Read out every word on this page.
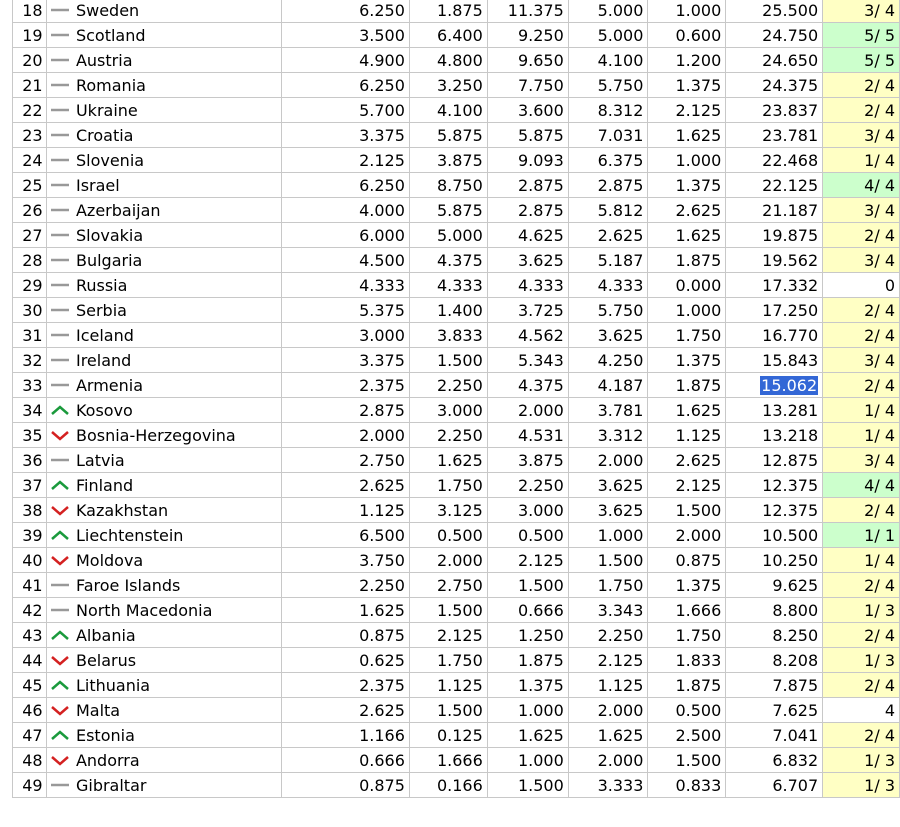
18		Sweden	6.250	1.875	11.375	5.000	1.000	25.500	3/ 4
19		Scotland	3.500	6.400	9.250	5.000	0.600	24.750	5/ 5
20		Austria	4.900	4.800	9.650	4.100	1.200	24.650	5/ 5
21		Romania	6.250	3.250	7.750	5.750	1.375	24.375	2/ 4
22		Ukraine	5.700	4.100	3.600	8.312	2.125	23.837	2/ 4
23		Croatia	3.375	5.875	5.875	7.031	1.625	23.781	3/ 4
24		Slovenia	2.125	3.875	9.093	6.375	1.000	22.468	1/ 4
25		Israel	6.250	8.750	2.875	2.875	1.375	22.125	4/ 4
26		Azerbaijan	4.000	5.875	2.875	5.812	2.625	21.187	3/ 4
27		Slovakia	6.000	5.000	4.625	2.625	1.625	19.875	2/ 4
28		Bulgaria	4.500	4.375	3.625	5.187	1.875	19.562	3/ 4
29		Russia	4.333	4.333	4.333	4.333	0.000	17.332	0
30		Serbia	5.375	1.400	3.725	5.750	1.000	17.250	2/ 4
31		Iceland	3.000	3.833	4.562	3.625	1.750	16.770	2/ 4
32		Ireland	3.375	1.500	5.343	4.250	1.375	15.843	3/ 4
33		Armenia	2.375	2.250	4.375	4.187	1.875	15.062	2/ 4
34		Kosovo	2.875	3.000	2.000	3.781	1.625	13.281	1/ 4
35		Bosnia-Herzegovina	2.000	2.250	4.531	3.312	1.125	13.218	1/ 4
36		Latvia	2.750	1.625	3.875	2.000	2.625	12.875	3/ 4
37		Finland	2.625	1.750	2.250	3.625	2.125	12.375	4/ 4
38		Kazakhstan	1.125	3.125	3.000	3.625	1.500	12.375	2/ 4
39		Liechtenstein	6.500	0.500	0.500	1.000	2.000	10.500	1/ 1
40		Moldova	3.750	2.000	2.125	1.500	0.875	10.250	1/ 4
41		Faroe Islands	2.250	2.750	1.500	1.750	1.375	9.625	2/ 4
42		North Macedonia	1.625	1.500	0.666	3.343	1.666	8.800	1/ 3
43		Albania	0.875	2.125	1.250	2.250	1.750	8.250	2/ 4
44		Belarus	0.625	1.750	1.875	2.125	1.833	8.208	1/ 3
45		Lithuania	2.375	1.125	1.375	1.125	1.875	7.875	2/ 4
46		Malta	2.625	1.500	1.000	2.000	0.500	7.625	4
47		Estonia	1.166	0.125	1.625	1.625	2.500	7.041	2/ 4
48		Andorra	0.666	1.666	1.000	2.000	1.500	6.832	1/ 3
49		Gibraltar	0.875	0.166	1.500	3.333	0.833	6.707	1/ 3
